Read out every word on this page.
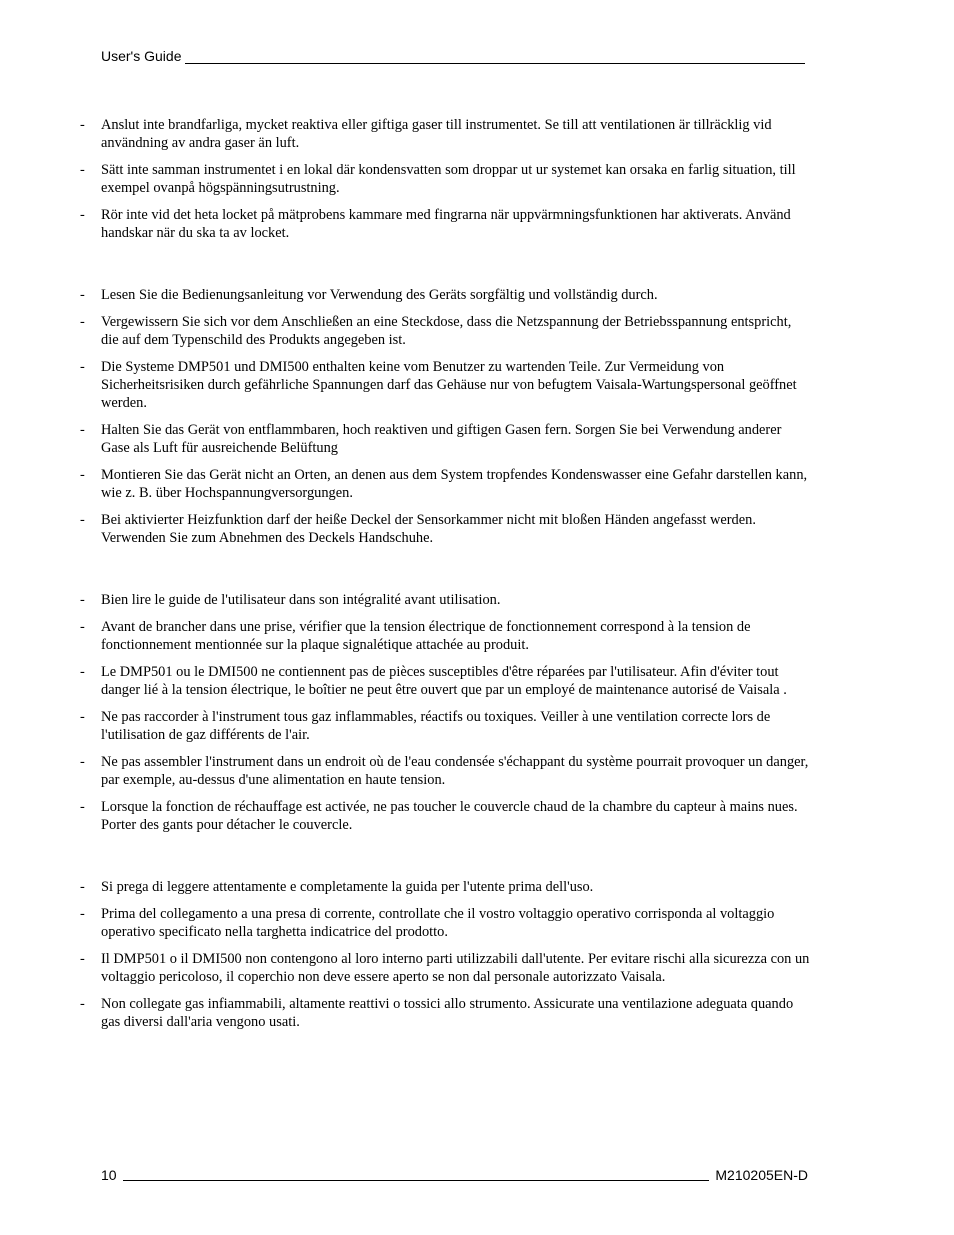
User's Guide
- Anslut inte brandfarliga, mycket reaktiva eller giftiga gaser till instrumentet. Se till att ventilationen är tillräcklig vid användning av andra gaser än luft.
- Sätt inte samman instrumentet i en lokal där kondensvatten som droppar ut ur systemet kan orsaka en farlig situation, till exempel ovanpå högspänningsutrustning.
- Rör inte vid det heta locket på mätprobens kammare med fingrarna när uppvärmningsfunktionen har aktiverats. Använd handskar när du ska ta av locket.
- Lesen Sie die Bedienungsanleitung vor Verwendung des Geräts sorgfältig und vollständig durch.
- Vergewissern Sie sich vor dem Anschließen an eine Steckdose, dass die Netzspannung der Betriebsspannung entspricht, die auf dem Typenschild des Produkts angegeben ist.
- Die Systeme DMP501 und DMI500 enthalten keine vom Benutzer zu wartenden Teile. Zur Vermeidung von Sicherheitsrisiken durch gefährliche Spannungen darf das Gehäuse nur von befugtem Vaisala-Wartungspersonal geöffnet werden.
- Halten Sie das Gerät von entflammbaren, hoch reaktiven und giftigen Gasen fern. Sorgen Sie bei Verwendung anderer Gase als Luft für ausreichende Belüftung
- Montieren Sie das Gerät nicht an Orten, an denen aus dem System tropfendes Kondenswasser eine Gefahr darstellen kann, wie z. B. über Hochspannungversorgungen.
- Bei aktivierter Heizfunktion darf der heiße Deckel der Sensorkammer nicht mit bloßen Händen angefasst werden. Verwenden Sie zum Abnehmen des Deckels Handschuhe.
- Bien lire le guide de l'utilisateur dans son intégralité avant utilisation.
- Avant de brancher dans une prise, vérifier que la tension électrique de fonctionnement correspond à la tension de fonctionnement mentionnée sur la plaque signalétique attachée au produit.
- Le DMP501 ou le DMI500 ne contiennent pas de pièces susceptibles d'être réparées par l'utilisateur. Afin d'éviter tout danger lié à la tension électrique, le boîtier ne peut être ouvert que par un employé de maintenance autorisé de Vaisala .
- Ne pas raccorder à l'instrument tous gaz inflammables, réactifs ou toxiques. Veiller à une ventilation correcte lors de l'utilisation de gaz différents de l'air.
- Ne pas assembler l'instrument dans un endroit où de l'eau condensée s'échappant du système pourrait provoquer un danger, par exemple, au-dessus d'une alimentation en haute tension.
- Lorsque la fonction de réchauffage est activée, ne pas toucher le couvercle chaud de la chambre du capteur à mains nues. Porter des gants pour détacher le couvercle.
- Si prega di leggere attentamente e completamente la guida per l'utente prima dell'uso.
- Prima del collegamento a una presa di corrente, controllate che il vostro voltaggio operativo corrisponda al voltaggio operativo specificato nella targhetta indicatrice del prodotto.
- Il DMP501 o il DMI500 non contengono al loro interno parti utilizzabili dall'utente. Per evitare rischi alla sicurezza con un voltaggio pericoloso, il coperchio non deve essere aperto se non dal personale autorizzato Vaisala.
- Non collegate gas infiammabili, altamente reattivi o tossici allo strumento. Assicurate una ventilazione adeguata quando gas diversi dall'aria vengono usati.
10	M210205EN-D
